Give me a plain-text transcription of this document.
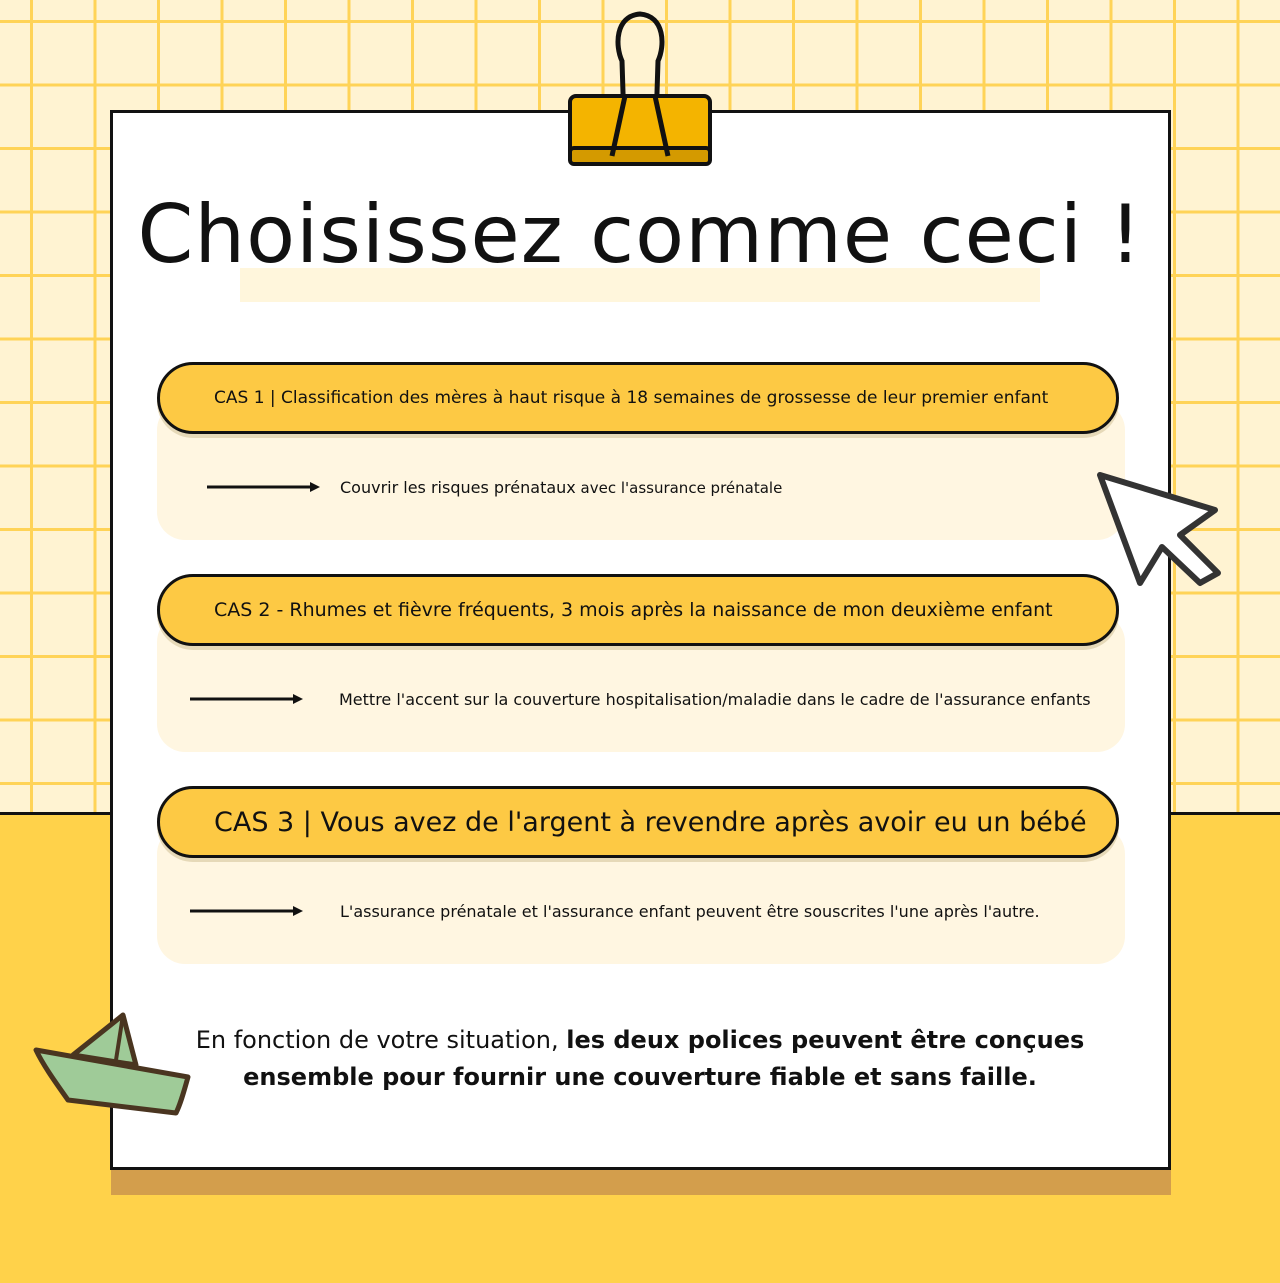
Choisissez comme ceci !
CAS 1 | Classification des mères à haut risque à 18 semaines de grossesse de leur premier enfant
Couvrir les risques prénataux avec l'assurance prénatale
CAS 2 - Rhumes et fièvre fréquents, 3 mois après la naissance de mon deuxième enfant
Mettre l'accent sur la couverture hospitalisation/maladie dans le cadre de l'assurance enfants
CAS 3 | Vous avez de l'argent à revendre après avoir eu un bébé
L'assurance prénatale et l'assurance enfant peuvent être souscrites l'une après l'autre.
En fonction de votre situation, les deux polices peuvent être conçues ensemble pour fournir une couverture fiable et sans faille.
